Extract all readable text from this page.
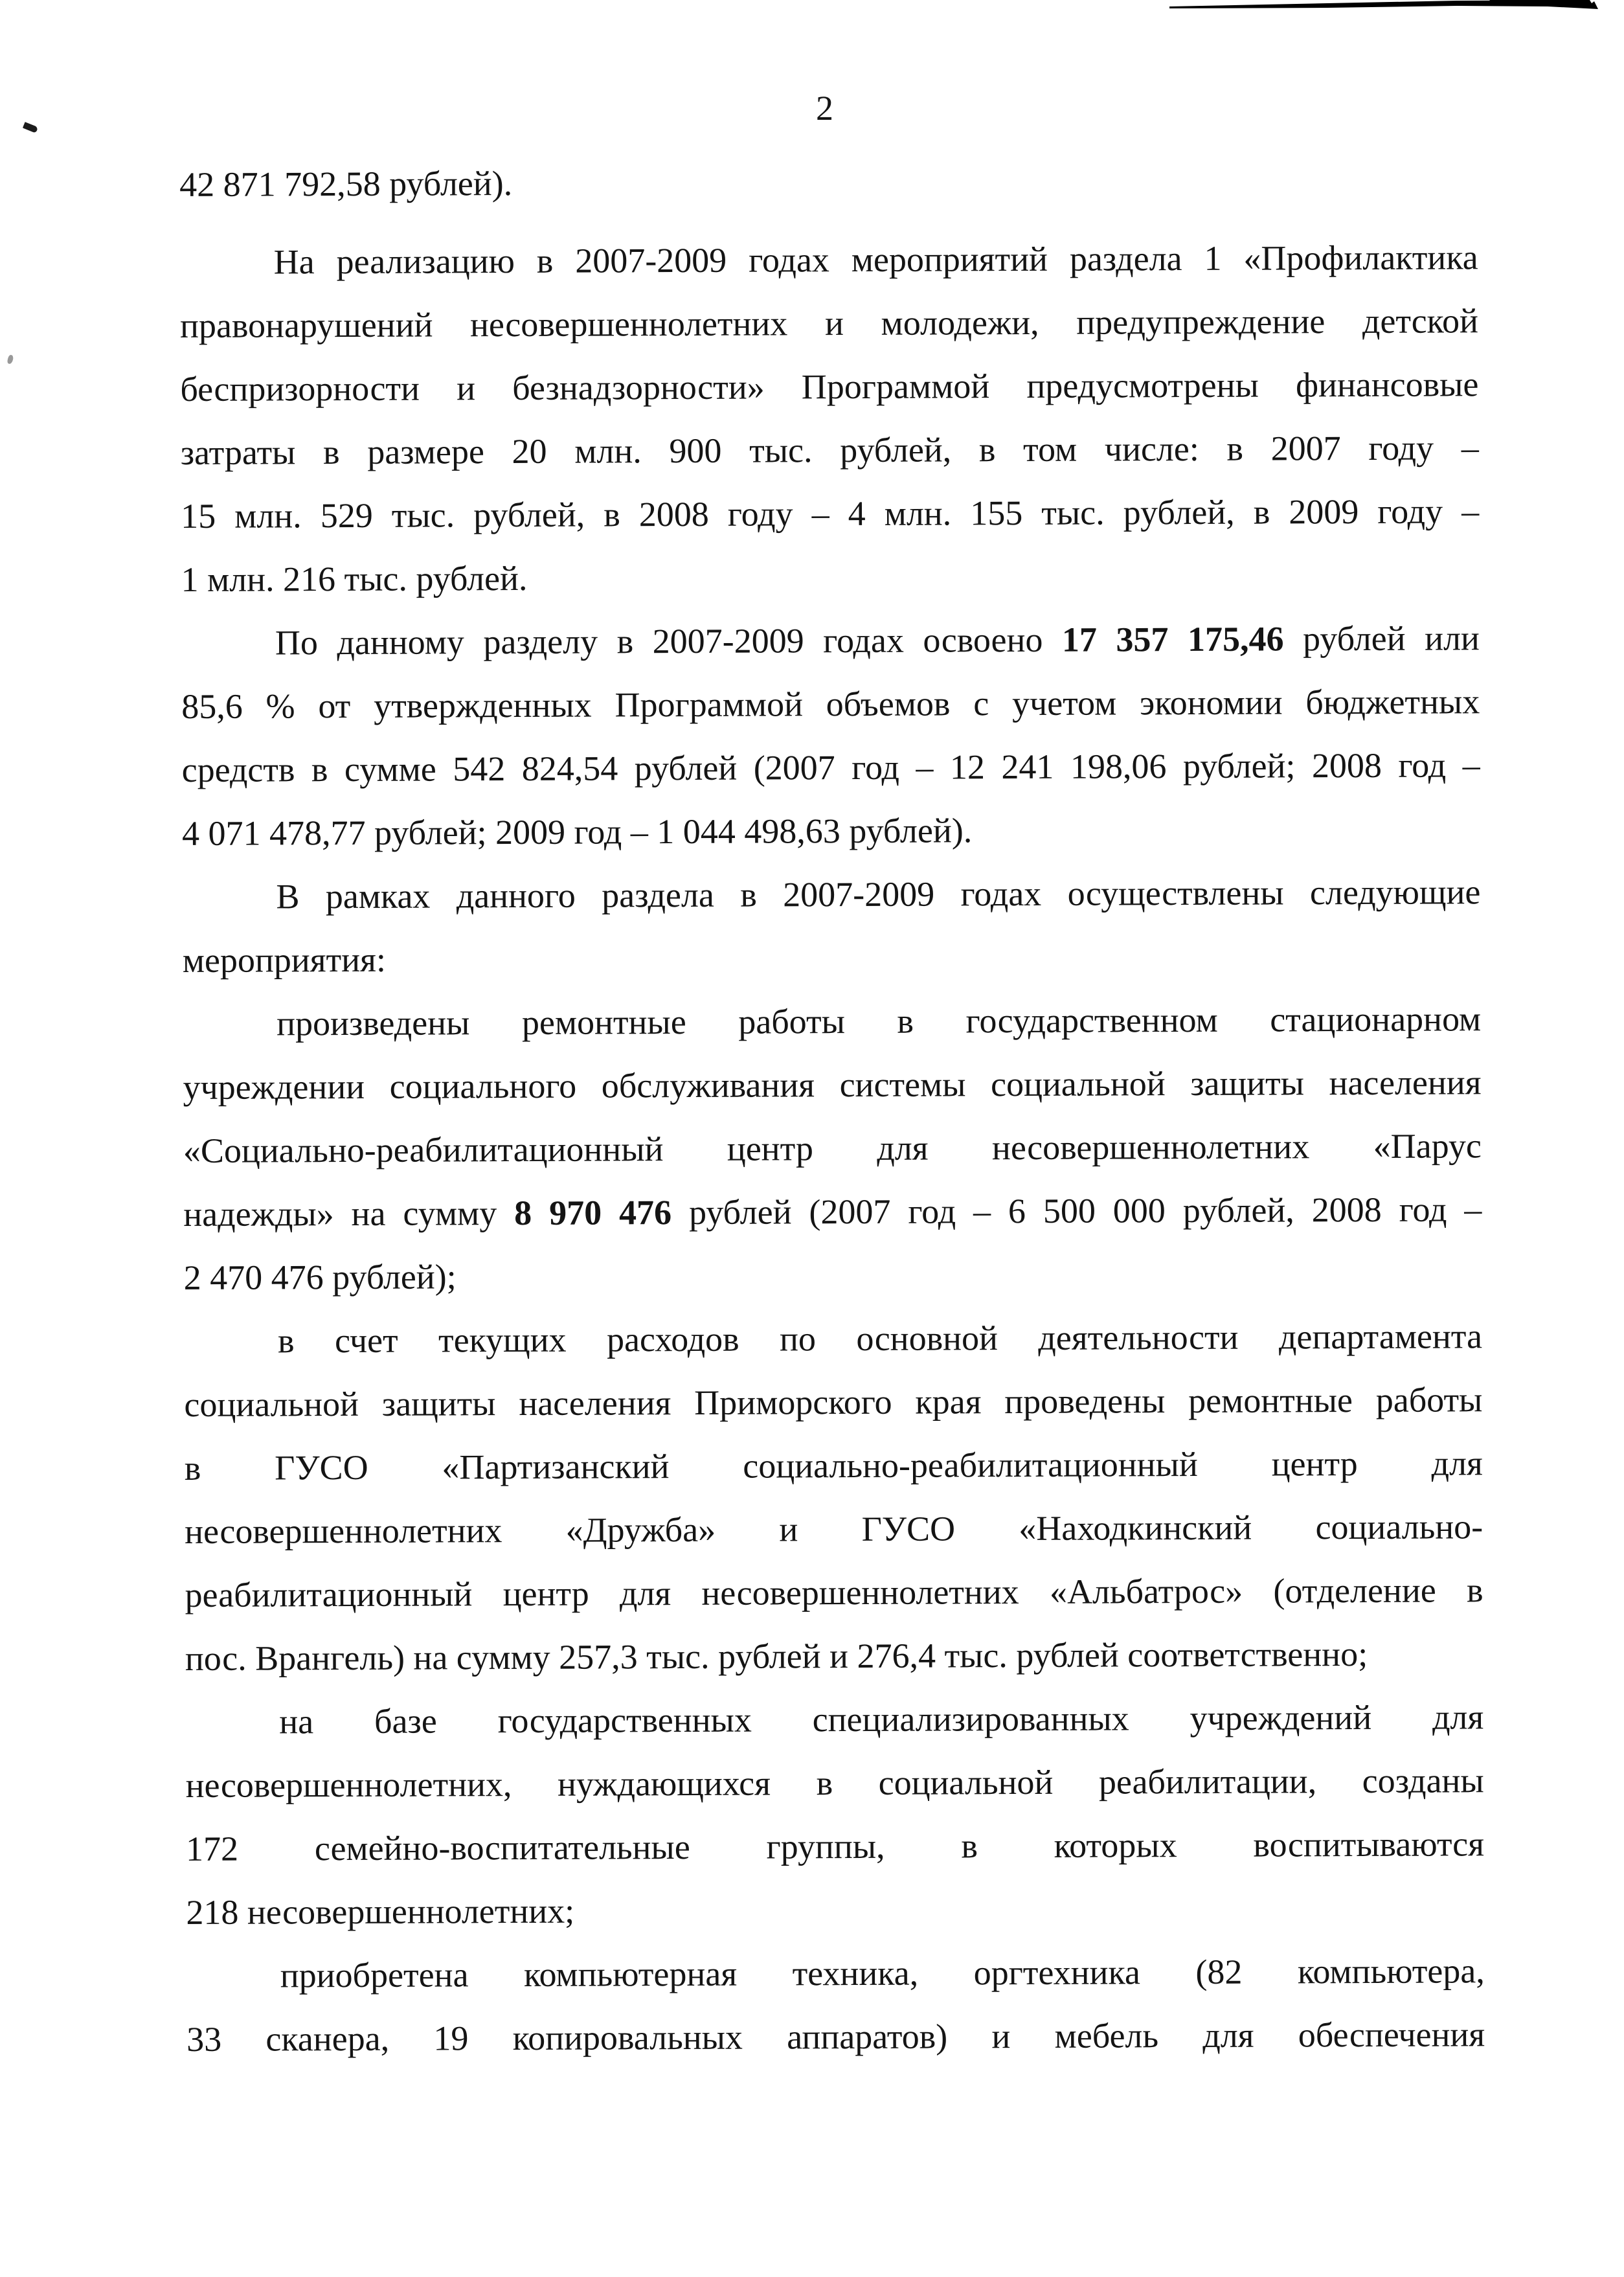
2
42 871 792,58 рублей).
На реализацию в 2007-2009 годах мероприятий раздела 1 «Профилактика
правонарушений несовершеннолетних и молодежи, предупреждение детской
беспризорности и безнадзорности» Программой предусмотрены финансовые
затраты в размере 20 млн. 900 тыс. рублей, в том числе: в 2007 году –
15 млн. 529 тыс. рублей, в 2008 году – 4 млн. 155 тыс. рублей, в 2009 году –
1 млн. 216 тыс. рублей.
По данному разделу в 2007-2009 годах освоено 17 357 175,46 рублей или
85,6 % от утвержденных Программой объемов с учетом экономии бюджетных
средств в сумме 542 824,54 рублей (2007 год – 12 241 198,06 рублей; 2008 год –
4 071 478,77 рублей; 2009 год – 1 044 498,63 рублей).
В рамках данного раздела в 2007-2009 годах осуществлены следующие
мероприятия:
произведены ремонтные работы в государственном стационарном
учреждении социального обслуживания системы социальной защиты населения
«Социально-реабилитационный центр для несовершеннолетних «Парус
надежды» на сумму 8 970 476 рублей (2007 год – 6 500 000 рублей, 2008 год –
2 470 476 рублей);
в счет текущих расходов по основной деятельности департамента
социальной защиты населения Приморского края проведены ремонтные работы
в ГУСО «Партизанский социально-реабилитационный центр для
несовершеннолетних «Дружба» и ГУСО «Находкинский социально-
реабилитационный центр для несовершеннолетних «Альбатрос» (отделение в
пос. Врангель) на сумму 257,3 тыс. рублей и 276,4 тыс. рублей соответственно;
на базе государственных специализированных учреждений для
несовершеннолетних, нуждающихся в социальной реабилитации, созданы
172 семейно-воспитательные группы, в которых воспитываются
218 несовершеннолетних;
приобретена компьютерная техника, оргтехника (82 компьютера,
33 сканера, 19 копировальных аппаратов) и мебель для обеспечения
